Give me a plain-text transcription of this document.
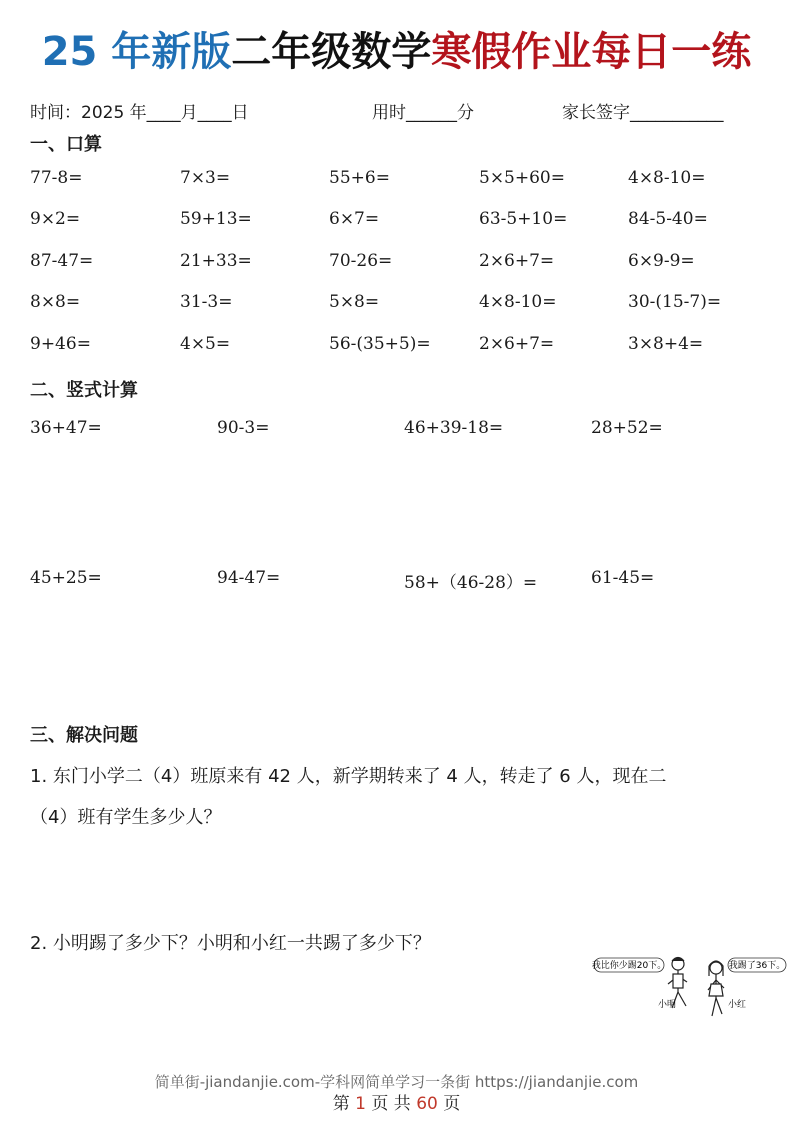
25 年新版二年级数学寒假作业每日一练
时间：2025 年____月____日	用时______分	家长签字___________
一、口算
77-8=	7×3=	55+6=	5×5+60=	4×8-10=
9×2=	59+13=	6×7=	63-5+10=	84-5-40=
87-47=	21+33=	70-26=	2×6+7=	6×9-9=
8×8=	31-3=	5×8=	4×8-10=	30-(15-7)=
9+46=	4×5=	56-(35+5)=	2×6+7=	3×8+4=
二、竖式计算
36+47=	90-3=	46+39-18=	28+52=
45+25=	94-47=	58+（46-28）=	61-45=
三、解决问题
1. 东门小学二（4）班原来有 42 人，新学期转来了 4 人，转走了 6 人，现在二
（4）班有学生多少人？
2. 小明踢了多少下？小明和小红一共踢了多少下？
我比你少踢20下。	我踢了36下。
小明	小红
简单街-jiandanjie.com-学科网简单学习一条街 https://jiandanjie.com
第 1 页 共 60 页
